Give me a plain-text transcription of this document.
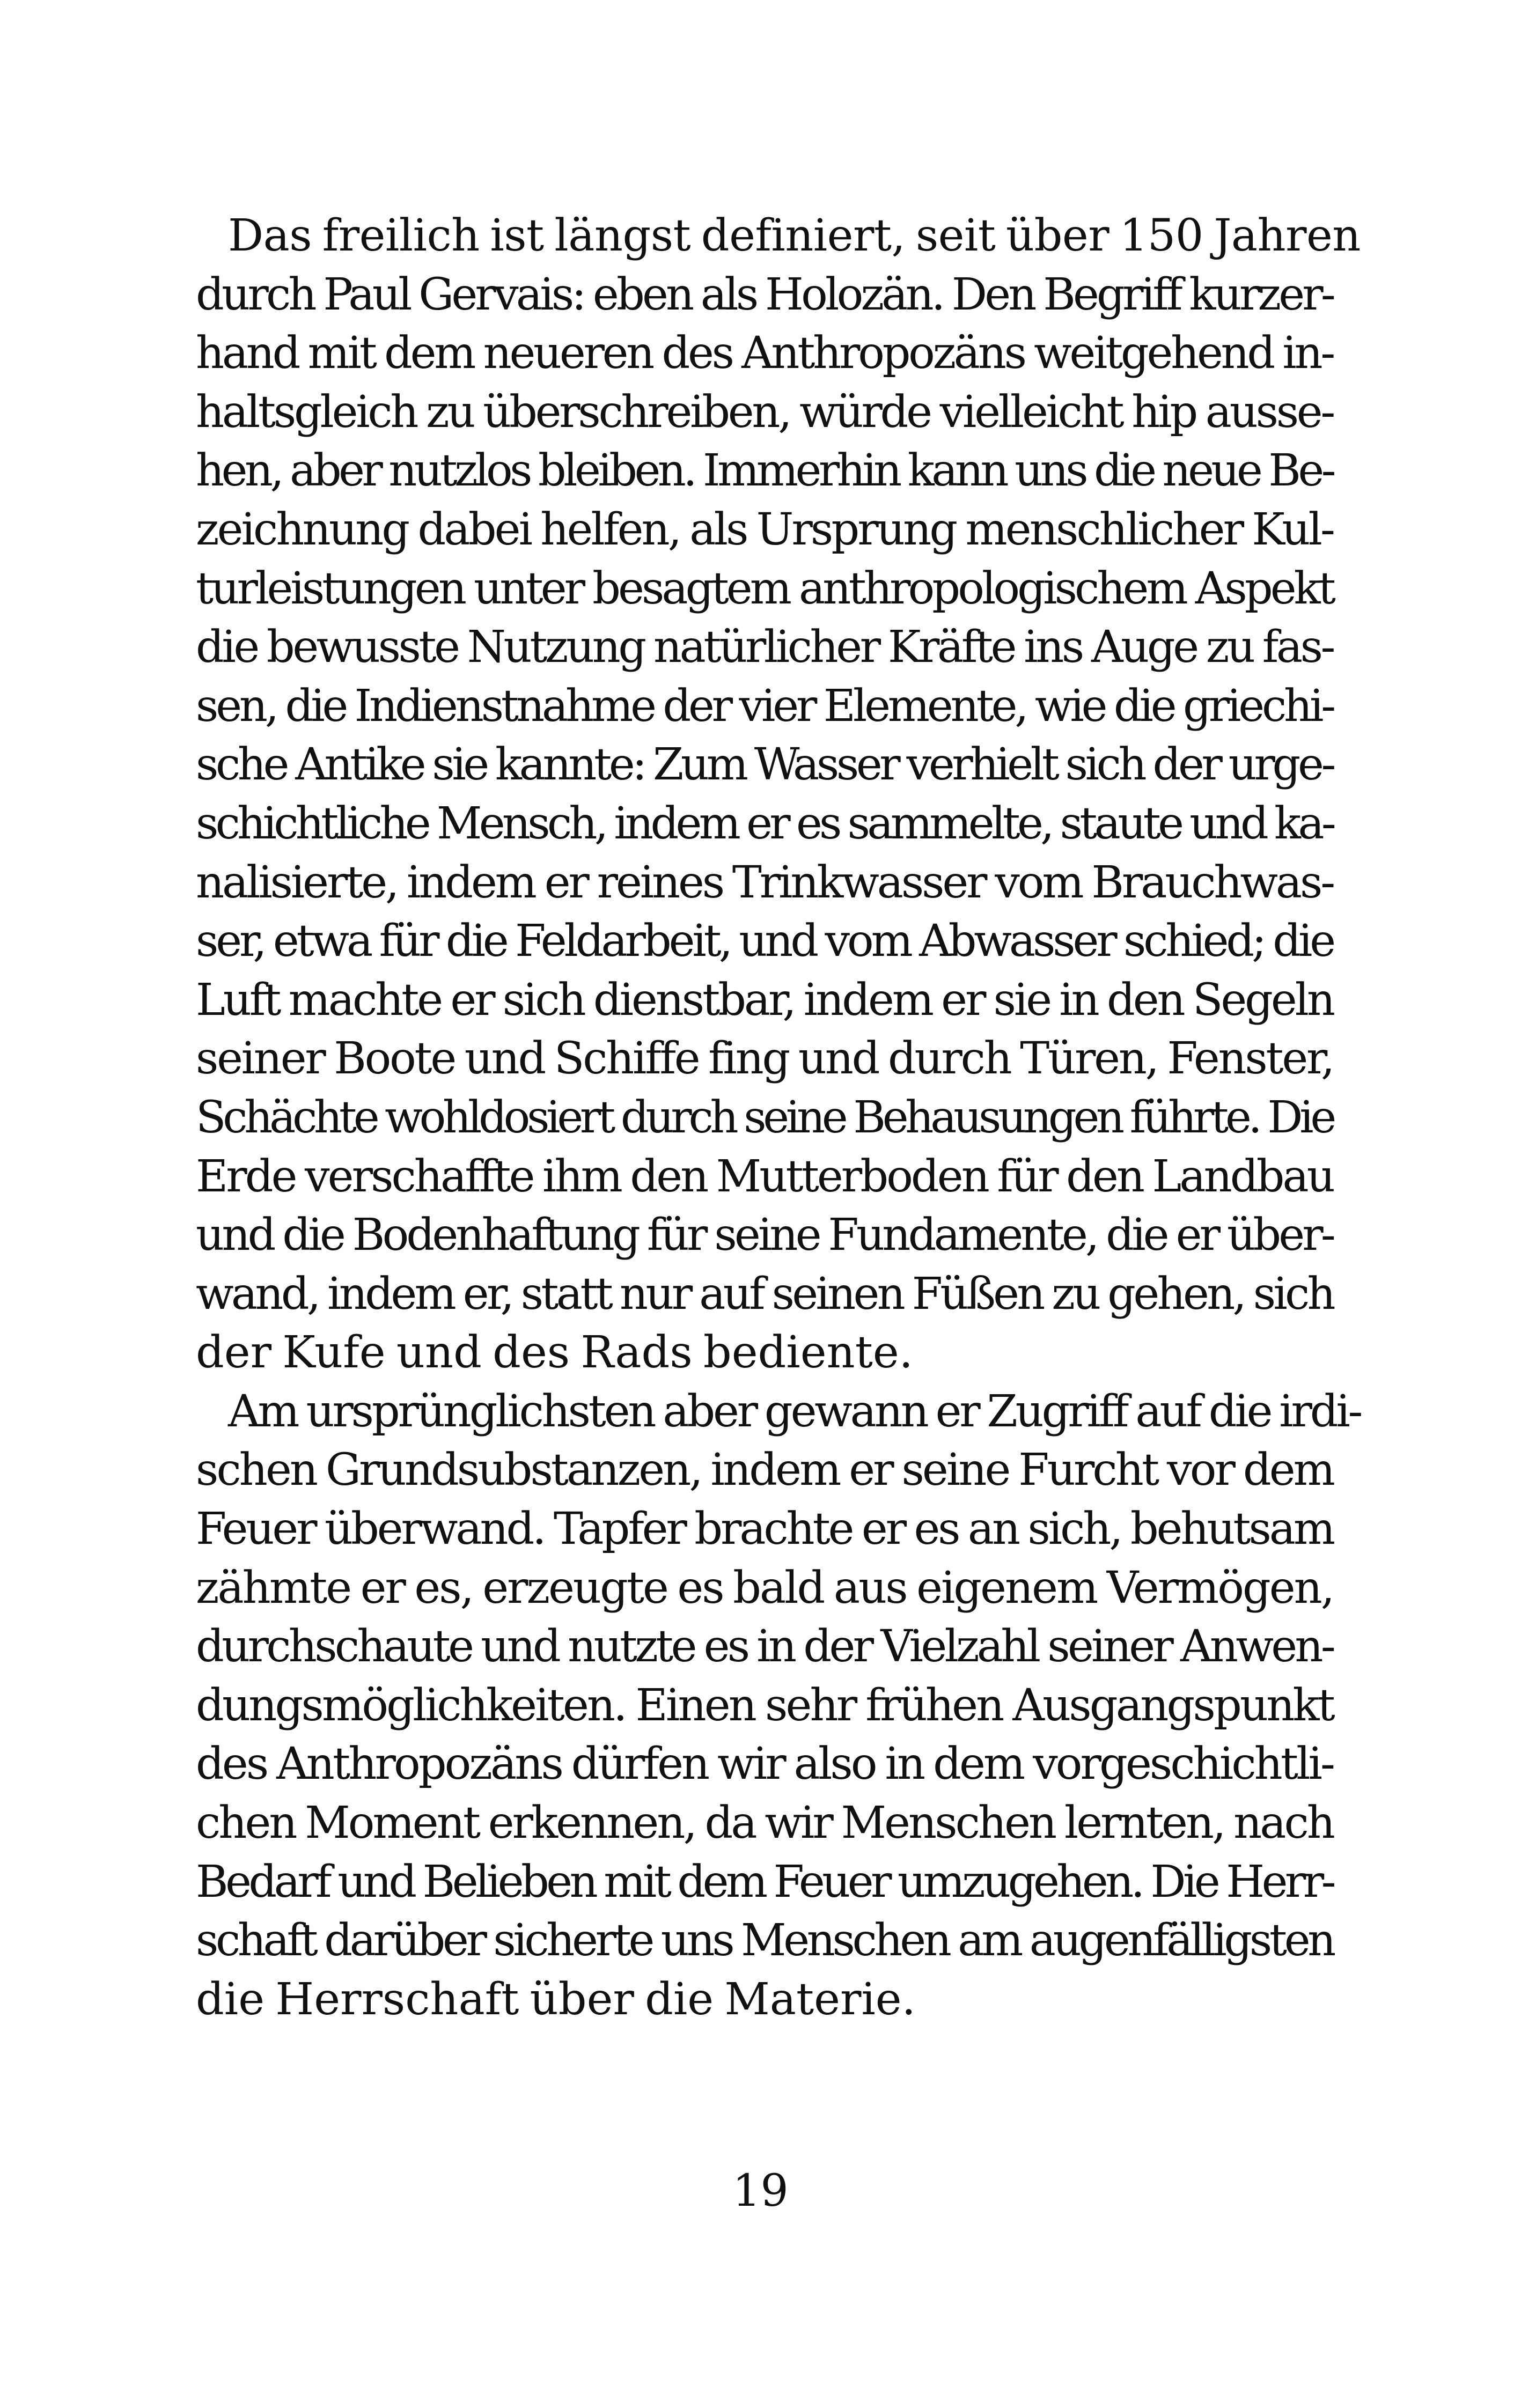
Das freilich ist längst definiert, seit über 150 Jahren
durch Paul Gervais: eben als Holozän. Den Begriff kurzer-
hand mit dem neueren des Anthropozäns weitgehend in-
haltsgleich zu überschreiben, würde vielleicht hip ausse-
hen, aber nutzlos bleiben. Immerhin kann uns die neue Be-
zeichnung dabei helfen, als Ursprung menschlicher Kul-
turleistungen unter besagtem anthropologischem Aspekt
die bewusste Nutzung natürlicher Kräfte ins Auge zu fas-
sen, die Indienstnahme der vier Elemente, wie die griechi-
sche Antike sie kannte: Zum Wasser verhielt sich der urge-
schichtliche Mensch, indem er es sammelte, staute und ka-
nalisierte, indem er reines Trinkwasser vom Brauchwas-
ser, etwa für die Feldarbeit, und vom Abwasser schied; die
Luft machte er sich dienstbar, indem er sie in den Segeln
seiner Boote und Schiffe fing und durch Türen, Fenster,
Schächte wohldosiert durch seine Behausungen führte. Die
Erde verschaffte ihm den Mutterboden für den Landbau
und die Bodenhaftung für seine Fundamente, die er über-
wand, indem er, statt nur auf seinen Füßen zu gehen, sich
der Kufe und des Rads bediente.
Am ursprünglichsten aber gewann er Zugriff auf die irdi-
schen Grundsubstanzen, indem er seine Furcht vor dem
Feuer überwand. Tapfer brachte er es an sich, behutsam
zähmte er es, erzeugte es bald aus eigenem Vermögen,
durchschaute und nutzte es in der Vielzahl seiner Anwen-
dungsmöglichkeiten. Einen sehr frühen Ausgangspunkt
des Anthropozäns dürfen wir also in dem vorgeschichtli-
chen Moment erkennen, da wir Menschen lernten, nach
Bedarf und Belieben mit dem Feuer umzugehen. Die Herr-
schaft darüber sicherte uns Menschen am augenfälligsten
die Herrschaft über die Materie.
19
